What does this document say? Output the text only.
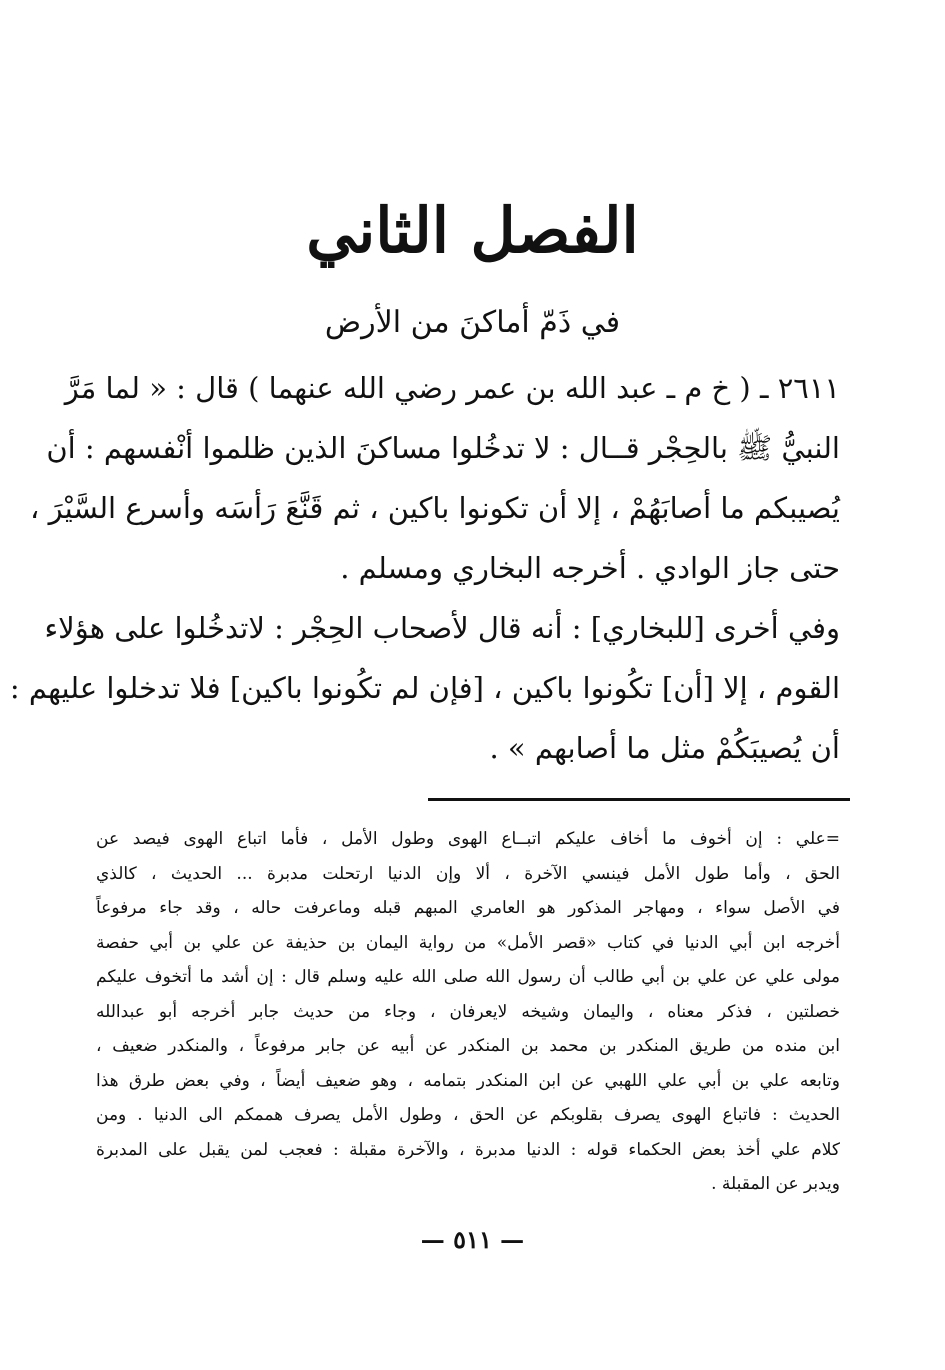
الفصل الثاني
في ذَمّ أماكنَ من الأرض
٢٦١١ ـ ( خ م ـ عبد الله بن عمر رضي الله عنهما ) قال : « لما مَرَّ
النبيُّ ﷺ بالحِجْر قــال : لا تدخُلوا مساكنَ الذين ظلموا أنْفسهم : أن
يُصيبكم ما أصابَهُمْ ، إلا أن تكونوا باكين ، ثم قَنَّعَ رَأسَه وأسرع السَّيْرَ ،
حتى جاز الوادي . أخرجه البخاري ومسلم .
وفي أخرى [للبخاري] : أنه قال لأصحاب الحِجْر : لاتدخُلوا على هؤلاء
القوم ، إلا [أن] تكُونوا باكين ، [فإن لم تكُونوا باكين] فلا تدخلوا عليهم :
أن يُصيبَكُمْ مثل ما أصابهم » .
=علي : إن أخوف ما أخاف عليكم اتبــاع الهوى وطول الأمل ، فأما اتباع الهوى فيصد عن
الحق ، وأما طول الأمل فينسي الآخرة ، ألا وإن الدنيا ارتحلت مدبرة ... الحديث ، كالذي
في الأصل سواء ، ومهاجر المذكور هو العامري المبهم قبله وماعرفت حاله ، وقد جاء مرفوعاً
أخرجه ابن أبي الدنيا في كتاب «قصر الأمل» من رواية اليمان بن حذيفة عن علي بن أبي حفصة
مولى علي عن علي بن أبي طالب أن رسول الله صلى الله عليه وسلم قال : إن أشد ما أتخوف عليكم
خصلتين ، فذكر معناه ، واليمان وشيخه لايعرفان ، وجاء من حديث جابر أخرجه أبو عبدالله
ابن منده من طريق المنكدر بن محمد بن المنكدر عن أبيه عن جابر مرفوعاً ، والمنكدر ضعيف ،
وتابعه علي بن أبي علي اللهبي عن ابن المنكدر بتمامه ، وهو ضعيف أيضاً ، وفي بعض طرق هذا
الحديث : فاتباع الهوى يصرف بقلوبكم عن الحق ، وطول الأمل يصرف هممكم الى الدنيا . ومن
كلام علي أخذ بعض الحكماء قوله : الدنيا مدبرة ، والآخرة مقبلة : فعجب لمن يقبل على المدبرة
ويدبر عن المقبلة .
— ٥١١ —
